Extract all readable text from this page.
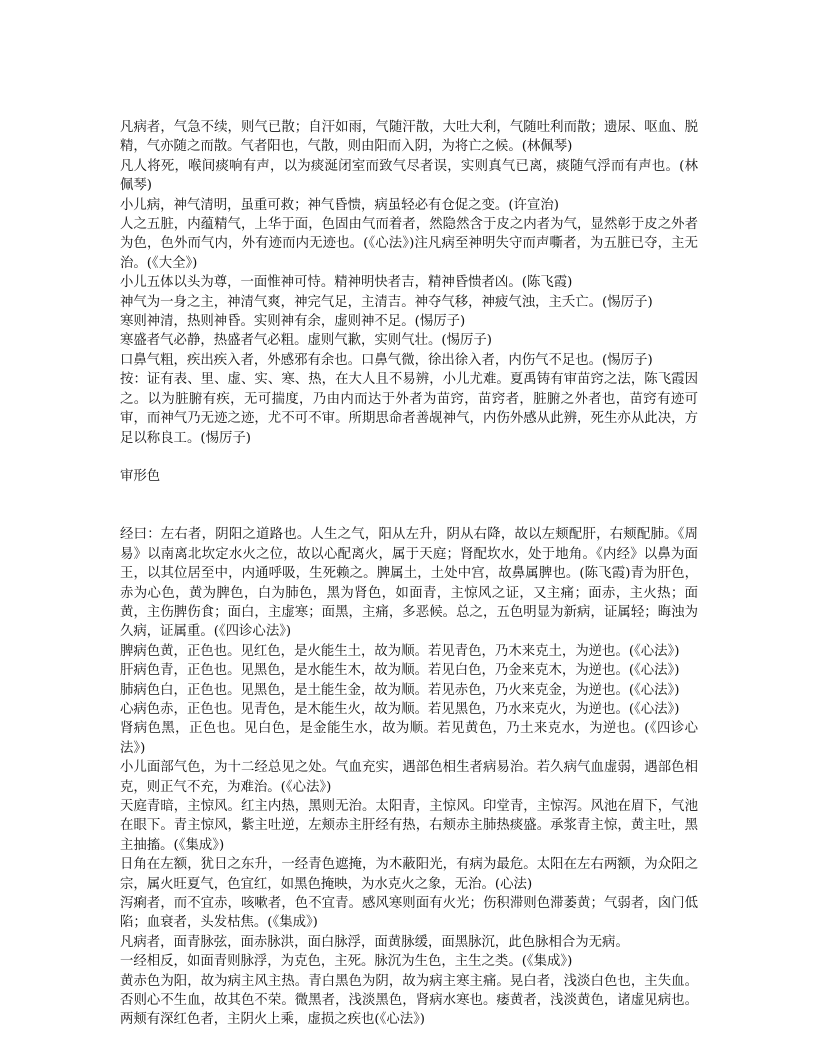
凡病者，气急不续，则气已散；自汗如雨，气随汗散，大吐大利，气随吐利而散；遗尿、呕血、脱精，气亦随之而散。气者阳也，气散，则由阳而入阴，为将亡之候。(林佩琴)

凡人将死，喉间痰响有声，以为痰涎闭室而致气尽者误，实则真气已离，痰随气浮而有声也。(林佩琴)

小儿病，神气清明，虽重可救；神气昏愦，病虽轻必有仓促之变。(许宣治)

人之五脏，内蕴精气，上华于面，色固由气而着者，然隐然含于皮之内者为气，显然彰于皮之外者为色，色外而气内，外有迹而内无迹也。(《心法》)注凡病至神明失守而声嘶者，为五脏已夺，主无治。(《大全》)

小儿五体以头为尊，一面惟神可恃。精神明快者吉，精神昏愦者凶。(陈飞霞)

神气为一身之主，神清气爽，神完气足，主清吉。神夺气移，神疲气浊，主夭亡。(惕厉子)

寒则神清，热则神昏。实则神有余，虚则神不足。(惕厉子)

寒盛者气必静，热盛者气必粗。虚则气歉，实则气壮。(惕厉子)

口鼻气粗，疾出疾入者，外感邪有余也。口鼻气微，徐出徐入者，内伤气不足也。(惕厉子)

按：证有表、里、虚、实、寒、热，在大人且不易辨，小儿尤难。夏禹铸有审苗窍之法，陈飞霞因之。以为脏腑有疾，无可揣度，乃由内而达于外者为苗窍，苗窍者，脏腑之外者也，苗窍有迹可审，而神气乃无迹之迹，尤不可不审。所期思命者善觇神气，内伤外感从此辨，死生亦从此决，方足以称良工。(惕厉子)

审形色

经曰：左右者，阴阳之道路也。人生之气，阳从左升，阴从右降，故以左颊配肝，右颊配肺。《周易》以南离北坎定水火之位，故以心配离火，属于天庭；肾配坎水，处于地角。《内经》以鼻为面王，以其位居至中，内通呼吸，生死赖之。脾属土，土处中宫，故鼻属脾也。(陈飞霞)青为肝色，赤为心色，黄为脾色，白为肺色，黑为肾色，如面青，主惊风之证，又主痛；面赤，主火热；面黄，主伤脾伤食；面白，主虚寒；面黑，主痛，多恶候。总之，五色明显为新病，证属轻；晦浊为久病，证属重。(《四诊心法》)

脾病色黄，正色也。见红色，是火能生土，故为顺。若见青色，乃木来克土，为逆也。(《心法》)

肝病色青，正色也。见黑色，是水能生木，故为顺。若见白色，乃金来克木，为逆也。(《心法》)

肺病色白，正色也。见黑色，是土能生金，故为顺。若见赤色，乃火来克金，为逆也。(《心法》)

心病色赤，正色也。见青色，是木能生火，故为顺。若见黑色，乃水来克火，为逆也。(《心法》)

肾病色黑，正色也。见白色，是金能生水，故为顺。若见黄色，乃土来克水，为逆也。(《四诊心法》)

小儿面部气色，为十二经总见之处。气血充实，遇部色相生者病易治。若久病气血虚弱，遇部色相克，则正气不充，为难治。(《心法》)

天庭青暗，主惊风。红主内热，黑则无治。太阳青，主惊风。印堂青，主惊泻。风池在眉下，气池在眼下。青主惊风，紫主吐逆，左颊赤主肝经有热，右颊赤主肺热痰盛。承浆青主惊，黄主吐，黑主抽搐。(《集成》)

日角在左额，犹日之东升，一经青色遮掩，为木蔽阳光，有病为最危。太阳在左右两额，为众阳之宗，属火旺夏气，色宜红，如黑色掩映，为水克火之象，无治。(心法)

泻痢者，而不宜赤，咳嗽者，色不宜青。感风寒则面有火光；伤积滞则色滞萎黄；气弱者，囟门低陷；血衰者，头发枯焦。(《集成》)

凡病者，面青脉弦，面赤脉洪，面白脉浮，面黄脉缓，面黑脉沉，此色脉相合为无病。

一经相反，如面青则脉浮，为克色，主死。脉沉为生色，主生之类。(《集成》)

黄赤色为阳，故为病主风主热。青白黑色为阴，故为病主寒主痛。晃白者，浅淡白色也，主失血。否则心不生血，故其色不荣。微黑者，浅淡黑色，肾病水寒也。痿黄者，浅淡黄色，诸虚见病也。两颊有深红色者，主阴火上乘，虚损之疾也(《心法》)
